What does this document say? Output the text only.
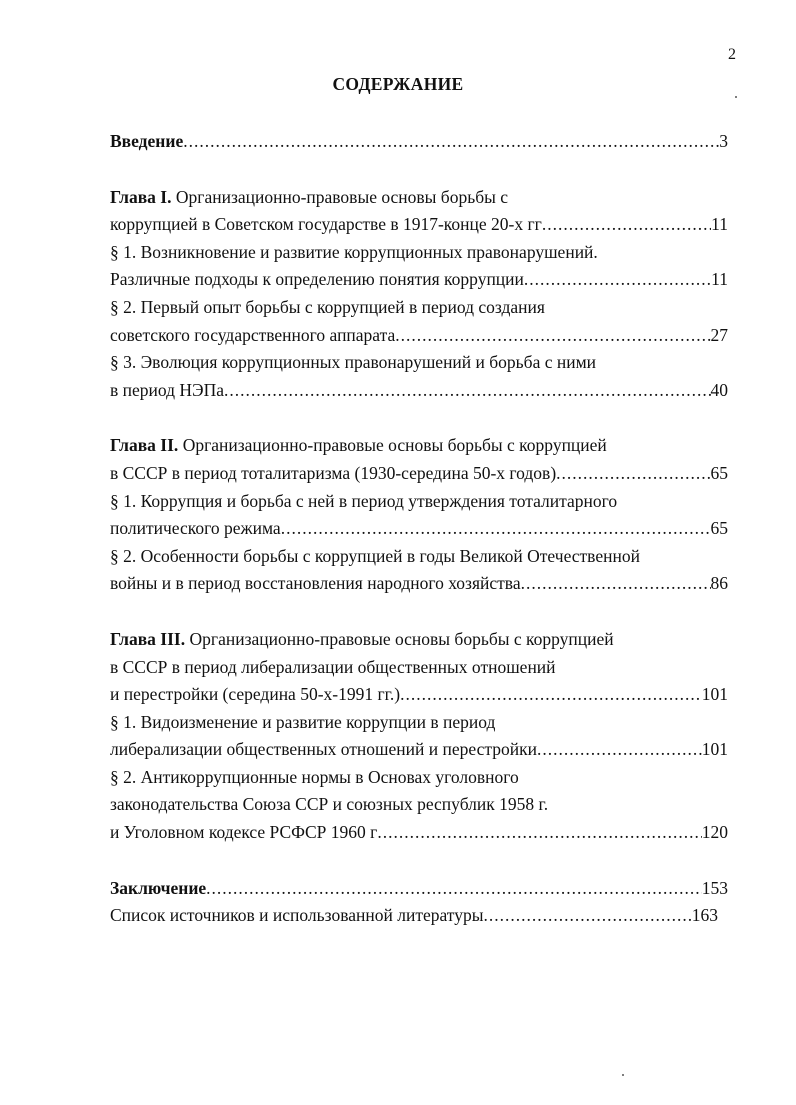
2
СОДЕРЖАНИЕ
Введение .....	3
Глава I. Организационно-правовые основы борьбы с
коррупцией в Советском государстве в 1917-конце 20-х гг .....	11
§ 1. Возникновение и развитие коррупционных правонарушений.
Различные подходы к определению понятия коррупции .....	11
§ 2. Первый опыт борьбы с коррупцией в период создания
советского государственного аппарата .....	27
§ 3. Эволюция коррупционных правонарушений и борьба с ними
в период НЭПа .....	40
Глава II. Организационно-правовые основы борьбы с коррупцией
в СССР в период тоталитаризма (1930-середина 50-х годов) .....	65
§ 1. Коррупция и борьба с ней в период утверждения тоталитарного
политического режима .....	65
§ 2. Особенности борьбы с коррупцией в годы Великой Отечественной
войны и в период восстановления народного хозяйства .....	86
Глава III. Организационно-правовые основы борьбы с коррупцией
в СССР в период либерализации общественных отношений
и перестройки (середина 50-х-1991 гг.) .....	101
§ 1. Видоизменение и развитие коррупции в период
либерализации общественных отношений и перестройки .....	101
§ 2. Антикоррупционные нормы в Основах уголовного
законодательства Союза ССР и союзных республик 1958 г.
и Уголовном кодексе РСФСР 1960 г .....	120
Заключение .....	153
Список источников и использованной литературы .....	163
